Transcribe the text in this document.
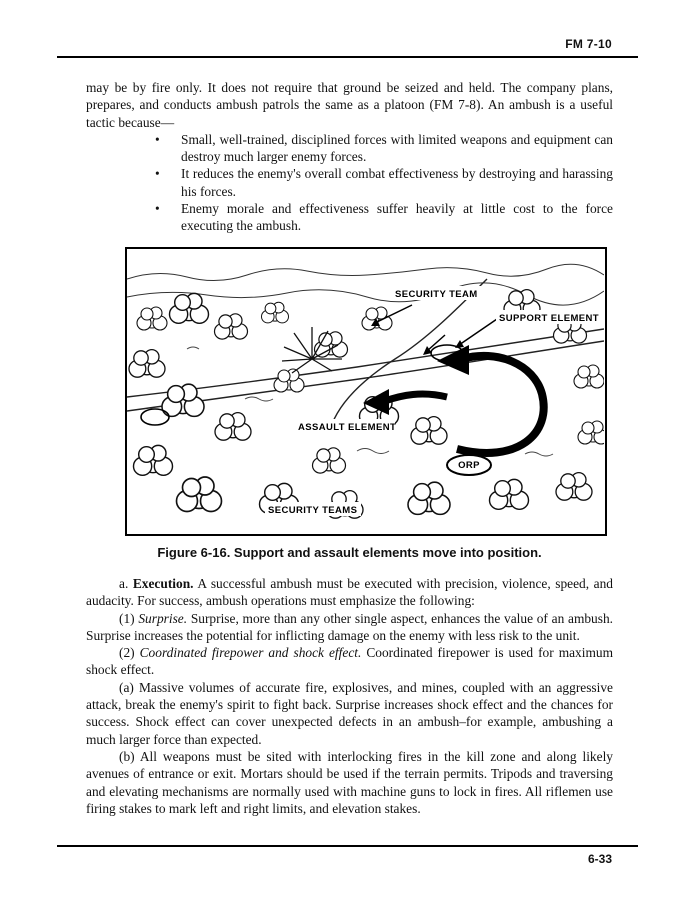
FM 7-10

may be by fire only. It does not require that ground be seized and held. The company plans, prepares, and conducts ambush patrols the same as a platoon (FM 7-8). An ambush is a useful tactic because—

• Small, well-trained, disciplined forces with limited weapons and equipment can destroy much larger enemy forces.
• It reduces the enemy's overall combat effectiveness by destroying and harassing his forces.
• Enemy morale and effectiveness suffer heavily at little cost to the force executing the ambush.
SECURITY TEAM
SUPPORT ELEMENT
ASSAULT ELEMENT
ORP
SECURITY TEAMS
Figure 6-16. Support and assault elements move into position.

a. Execution. A successful ambush must be executed with precision, violence, speed, and audacity. For success, ambush operations must emphasize the following:

(1) Surprise. Surprise, more than any other single aspect, enhances the value of an ambush. Surprise increases the potential for inflicting damage on the enemy with less risk to the unit.

(2) Coordinated firepower and shock effect. Coordinated firepower is used for maximum shock effect.

(a) Massive volumes of accurate fire, explosives, and mines, coupled with an aggressive attack, break the enemy's spirit to fight back. Surprise increases shock effect and the chances for success. Shock effect can cover unexpected defects in an ambush–for example, ambushing a much larger force than expected.

(b) All weapons must be sited with interlocking fires in the kill zone and along likely avenues of entrance or exit. Mortars should be used if the terrain permits. Tripods and traversing and elevating mechanisms are normally used with machine guns to lock in fires. All riflemen use firing stakes to mark left and right limits, and elevation stakes.

6-33
